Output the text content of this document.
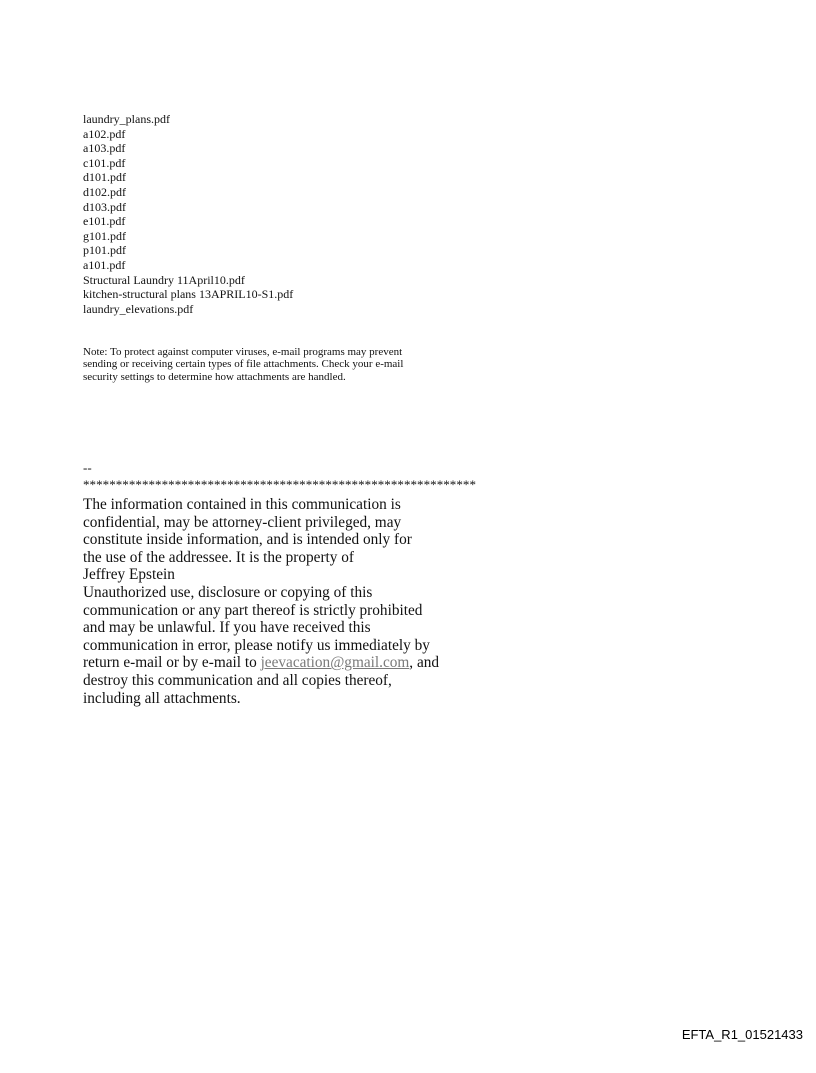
laundry_plans.pdf
a102.pdf
a103.pdf
c101.pdf
d101.pdf
d102.pdf
d103.pdf
e101.pdf
g101.pdf
p101.pdf
a101.pdf
Structural Laundry 11April10.pdf
kitchen-structural plans 13APRIL10-S1.pdf
laundry_elevations.pdf
Note: To protect against computer viruses, e-mail programs may prevent
sending or receiving certain types of file attachments. Check your e-mail
security settings to determine how attachments are handled.
--
************************************************************
The information contained in this communication is
confidential, may be attorney-client privileged, may
constitute inside information, and is intended only for
the use of the addressee. It is the property of
Jeffrey Epstein
Unauthorized use, disclosure or copying of this
communication or any part thereof is strictly prohibited
and may be unlawful. If you have received this
communication in error, please notify us immediately by
return e-mail or by e-mail to jeevacation@gmail.com, and
destroy this communication and all copies thereof,
including all attachments.
EFTA_R1_01521433
